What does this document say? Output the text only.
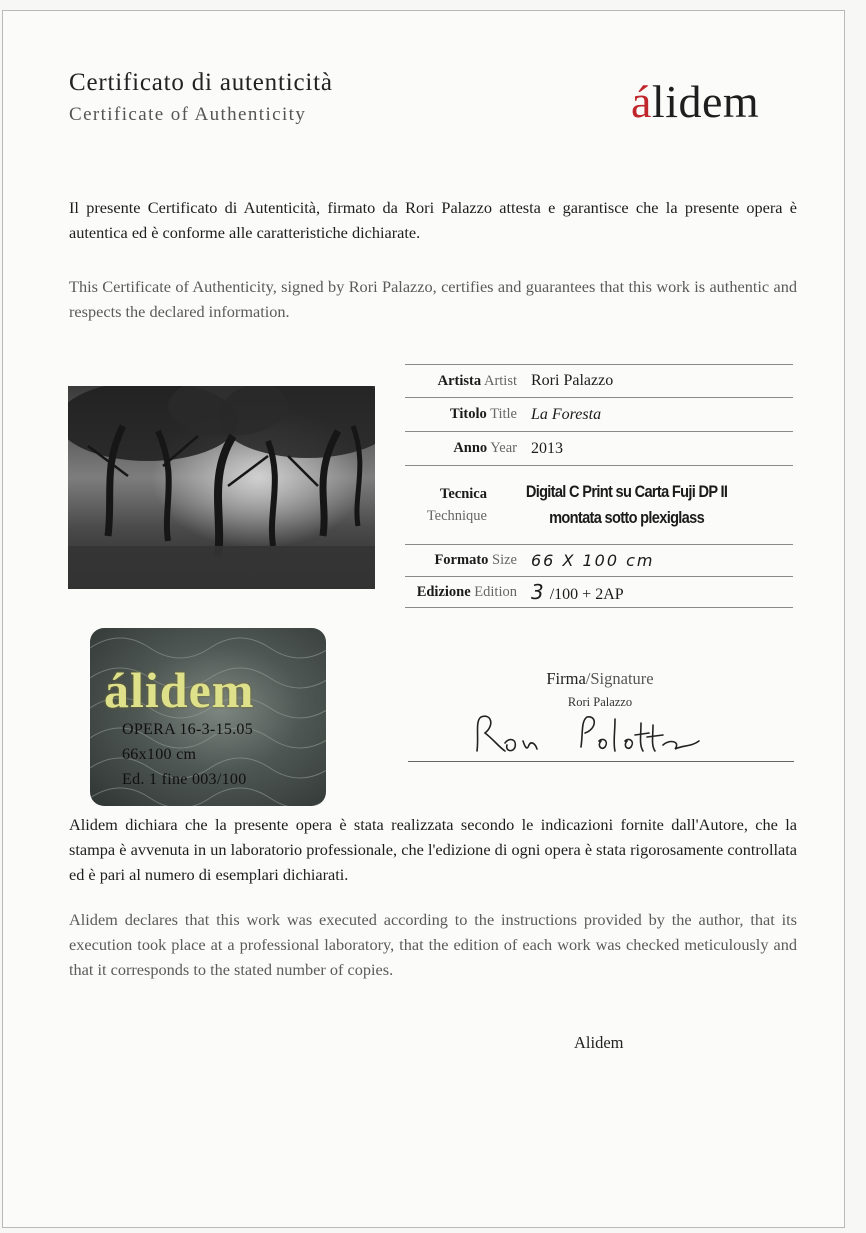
Certificato di autenticità
Certificate of Authenticity	álidem
Il presente Certificato di Autenticità, firmato da Rori Palazzo attesta e garantisce che la presente opera è autentica ed è conforme alle caratteristiche dichiarate.
This Certificate of Authenticity, signed by Rori Palazzo, certifies and guarantees that this work is authentic and respects the declared information.
Artista Artist Rori Palazzo
Titolo Title La Foresta
Anno Year 2013
Tecnica
Technique
Digital C Print su Carta Fuji DP II
montata sotto plexiglass
Formato Size 66 X 100 cm
Edizione Edition 3 /100 + 2AP
álidem
OPERA 16-3-15.05
66x100 cm
Ed. 1 fine 003/100
Firma/Signature
Rori Palazzo
Alidem dichiara che la presente opera è stata realizzata secondo le indicazioni fornite dall'Autore, che la stampa è avvenuta in un laboratorio professionale, che l'edizione di ogni opera è stata rigorosamente controllata ed è pari al numero di esemplari dichiarati.
Alidem declares that this work was executed according to the instructions provided by the author, that its execution took place at a professional laboratory, that the edition of each work was checked meticulously and that it corresponds to the stated number of copies.
Alidem
